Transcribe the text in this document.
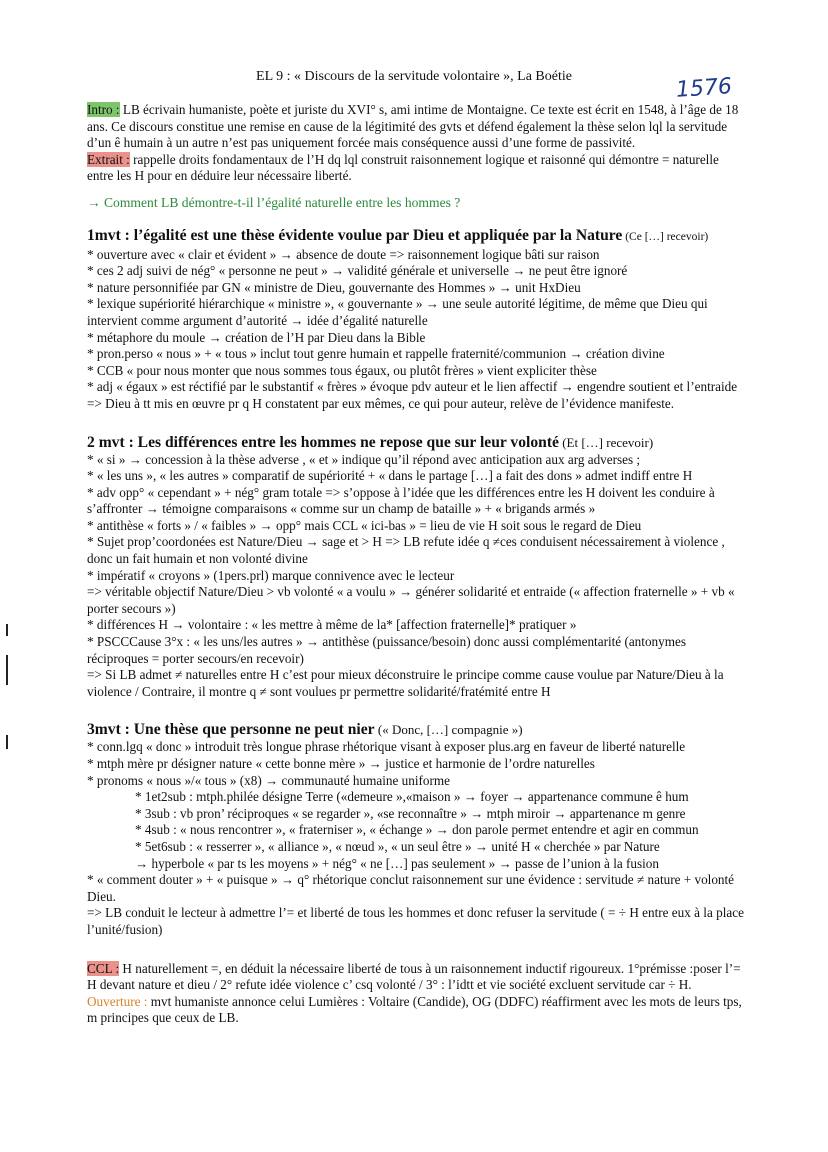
EL 9 : « Discours de la servitude volontaire », La Boétie	1576

Intro : LB écrivain humaniste, poète et juriste du XVI° s, ami intime de Montaigne. Ce texte est écrit en 1548, à l’âge de 18 ans. Ce discours constitue une remise en cause de la légitimité des gvts et défend également la thèse selon lql la servitude d’un ê humain à un autre n’est pas uniquement forcée mais conséquence aussi d’une forme de passivité.

Extrait : rappelle droits fondamentaux de l’H dq lql construit raisonnement logique et raisonné qui démontre = naturelle entre les H pour en déduire leur nécessaire liberté.

→ Comment LB démontre-t-il l’égalité naturelle entre les hommes ?

1mvt : l’égalité est une thèse évidente voulue par Dieu et appliquée par la Nature (Ce […] recevoir)

* ouverture avec « clair et évident » → absence de doute => raisonnement logique bâti sur raison

* ces 2 adj suivi de nég° « personne ne peut » → validité générale et universelle → ne peut être ignoré

* nature personnifiée par GN « ministre de Dieu, gouvernante des Hommes » → unit HxDieu

* lexique supériorité hiérarchique « ministre », « gouvernante » → une seule autorité légitime, de même que Dieu qui intervient comme argument d’autorité → idée d’égalité naturelle

* métaphore du moule → création de l’H par Dieu dans la Bible

* pron.perso « nous » + « tous » inclut tout genre humain et rappelle fraternité/communion → création divine

* CCB « pour nous monter que nous sommes tous égaux, ou plutôt frères » vient expliciter thèse

* adj « égaux » est réctifié par le substantif « frères » évoque pdv auteur et le lien affectif → engendre soutient et l’entraide

=> Dieu à tt mis en œuvre pr q H constatent par eux mêmes, ce qui pour auteur, relève de l’évidence manifeste.

2 mvt : Les différences entre les hommes ne repose que sur leur volonté (Et […] recevoir)

* « si » → concession à la thèse adverse , « et » indique qu’il répond avec anticipation aux arg adverses ;

* « les uns », « les autres » comparatif de supériorité + « dans le partage […] a fait des dons » admet indiff entre H

* adv opp° « cependant » + nég° gram totale => s’oppose à l’idée que les différences entre les H doivent les conduire à s’affronter → témoigne comparaisons « comme sur un champ de bataille » + « brigands armés »

* antithèse « forts » / « faibles » → opp° mais CCL « ici-bas » = lieu de vie H soit sous le regard de Dieu

* Sujet prop’coordonées est Nature/Dieu → sage et > H => LB refute idée q ≠ces conduisent nécessairement à violence , donc un fait humain et non volonté divine

* impératif « croyons » (1pers.prl) marque connivence avec le lecteur

=> véritable objectif Nature/Dieu > vb volonté « a voulu » → générer solidarité et entraide (« affection fraternelle » + vb « porter secours »)

* différences H → volontaire : « les mettre à même de la* [affection fraternelle]* pratiquer »

* PSCCCause 3°x : « les uns/les autres » → antithèse (puissance/besoin) donc aussi complémentarité (antonymes réciproques = porter secours/en recevoir)

=> Si LB admet ≠ naturelles entre H c’est pour mieux déconstruire le principe comme cause voulue par Nature/Dieu à la violence / Contraire, il montre q ≠ sont voulues pr permettre solidarité/fratémité entre H

3mvt : Une thèse que personne ne peut nier (« Donc, […] compagnie »)

* conn.lgq « donc » introduit très longue phrase rhétorique visant à exposer plus.arg en faveur de liberté naturelle

* mtph mère pr désigner nature « cette bonne mère » → justice et harmonie de l’ordre naturelles

* pronoms « nous »/« tous » (x8) → communauté humaine uniforme

* 1et2sub : mtph.philée désigne Terre («demeure »,«maison » → foyer → appartenance commune ê hum

* 3sub : vb pron’ réciproques « se regarder », «se reconnaître » → mtph miroir → appartenance m genre

* 4sub : « nous rencontrer », « fraterniser », « échange » → don parole permet entendre et agir en commun

* 5et6sub : « resserrer », « alliance », « nœud », « un seul être » → unité H « cherchée » par Nature

→ hyperbole « par ts les moyens » + nég° « ne […] pas seulement » → passe de l’union à la fusion

* « comment douter » + « puisque » → q° rhétorique conclut raisonnement sur une évidence : servitude ≠ nature + volonté Dieu.

=> LB conduit le lecteur à admettre l’= et liberté de tous les hommes et donc refuser la servitude ( = ÷ H entre eux à la place l’unité/fusion)

CCL : H naturellement =, en déduit la nécessaire liberté de tous à un raisonnement inductif rigoureux. 1°prémisse :poser l’= H devant nature et dieu / 2° refute idée violence c’ csq volonté / 3° : l’idtt et vie société excluent servitude car ÷ H.

Ouverture : mvt humaniste annonce celui Lumières : Voltaire (Candide), OG (DDFC) réaffirment avec les mots de leurs tps, m principes que ceux de LB.
